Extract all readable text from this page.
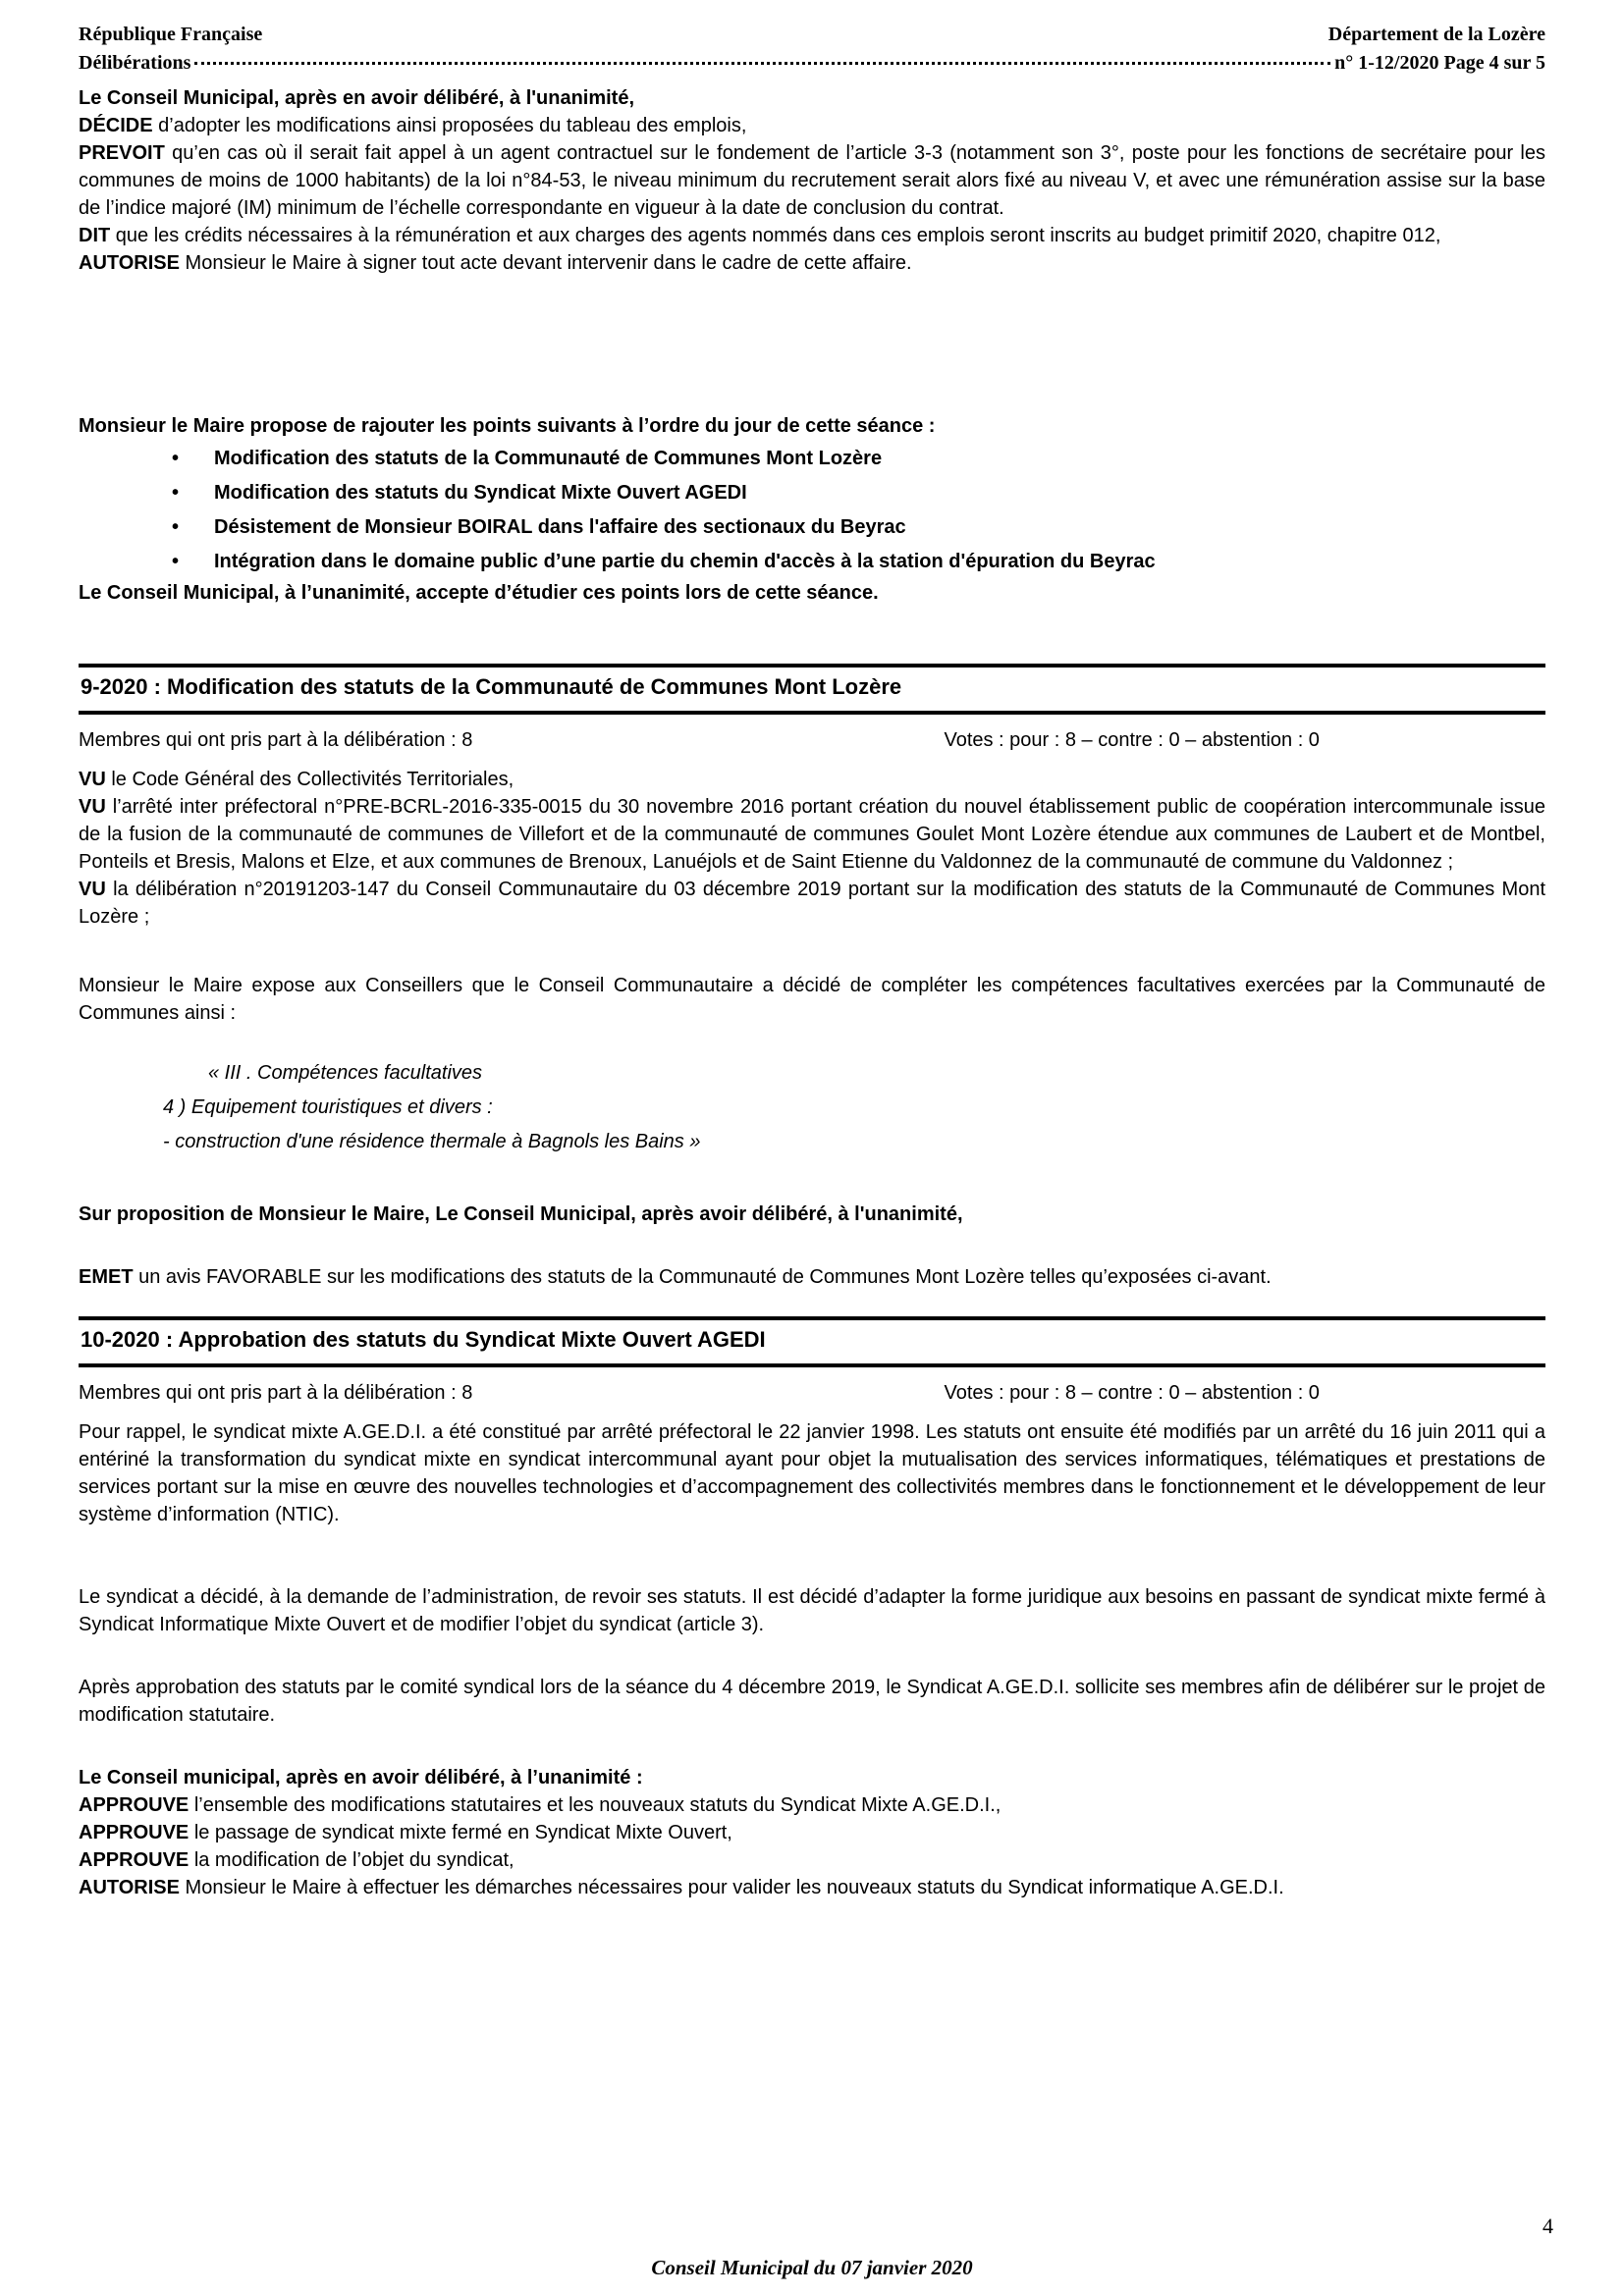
République Française	Département de la Lozère
Délibérations	n° 1-12/2020 Page 4 sur 5
Le Conseil Municipal, après en avoir délibéré, à l'unanimité,
DÉCIDE d’adopter les modifications ainsi proposées du tableau des emplois,
PREVOIT qu’en cas où il serait fait appel à un agent contractuel sur le fondement de l’article 3-3 (notamment son 3°, poste pour les fonctions de secrétaire pour les communes de moins de 1000 habitants) de la loi n°84-53, le niveau minimum du recrutement serait alors fixé au niveau V, et avec une rémunération assise sur la base de l’indice majoré (IM) minimum de l’échelle correspondante en vigueur à la date de conclusion du contrat.
DIT que les crédits nécessaires à la rémunération et aux charges des agents nommés dans ces emplois seront inscrits au budget primitif 2020, chapitre 012,
AUTORISE Monsieur le Maire à signer tout acte devant intervenir dans le cadre de cette affaire.
Monsieur le Maire propose de rajouter les points suivants à l’ordre du jour de cette séance :
• Modification des statuts de la Communauté de Communes Mont Lozère
• Modification des statuts du Syndicat Mixte Ouvert AGEDI
• Désistement de Monsieur BOIRAL dans l'affaire des sectionaux du Beyrac
• Intégration dans le domaine public d’une partie du chemin d'accès à la station d'épuration du Beyrac
Le Conseil Municipal, à l’unanimité, accepte d’étudier ces points lors de cette séance.
9-2020 : Modification des statuts de la Communauté de Communes Mont Lozère
Membres qui ont pris part à la délibération : 8	Votes : pour : 8 – contre : 0 – abstention : 0
VU le Code Général des Collectivités Territoriales,
VU l’arrêté inter préfectoral n°PRE-BCRL-2016-335-0015 du 30 novembre 2016 portant création du nouvel établissement public de coopération intercommunale issue de la fusion de la communauté de communes de Villefort et de la communauté de communes Goulet Mont Lozère étendue aux communes de Laubert et de Montbel, Ponteils et Bresis, Malons et Elze, et aux communes de Brenoux, Lanuéjols et de Saint Etienne du Valdonnez de la communauté de commune du Valdonnez ;
VU la délibération n°20191203-147 du Conseil Communautaire du 03 décembre 2019 portant sur la modification des statuts de la Communauté de Communes Mont Lozère ;
Monsieur le Maire expose aux Conseillers que le Conseil Communautaire a décidé de compléter les compétences facultatives exercées par la Communauté de Communes ainsi :
« III . Compétences facultatives
4 ) Equipement touristiques et divers :
- construction d'une résidence thermale à Bagnols les Bains »
Sur proposition de Monsieur le Maire, Le Conseil Municipal, après avoir délibéré, à l'unanimité,
EMET un avis FAVORABLE sur les modifications des statuts de la Communauté de Communes Mont Lozère telles qu’exposées ci-avant.
10-2020 : Approbation des statuts du Syndicat Mixte Ouvert AGEDI
Membres qui ont pris part à la délibération : 8	Votes : pour : 8 – contre : 0 – abstention : 0
Pour rappel, le syndicat mixte A.GE.D.I. a été constitué par arrêté préfectoral le 22 janvier 1998. Les statuts ont ensuite été modifiés par un arrêté du 16 juin 2011 qui a entériné la transformation du syndicat mixte en syndicat intercommunal ayant pour objet la mutualisation des services informatiques, télématiques et prestations de services portant sur la mise en œuvre des nouvelles technologies et d’accompagnement des collectivités membres dans le fonctionnement et le développement de leur système d’information (NTIC).
Le syndicat a décidé, à la demande de l’administration, de revoir ses statuts. Il est décidé d’adapter la forme juridique aux besoins en passant de syndicat mixte fermé à Syndicat Informatique Mixte Ouvert et de modifier l’objet du syndicat (article 3).
Après approbation des statuts par le comité syndical lors de la séance du 4 décembre 2019, le Syndicat A.GE.D.I. sollicite ses membres afin de délibérer sur le projet de modification statutaire.
Le Conseil municipal, après en avoir délibéré, à l’unanimité :
APPROUVE l’ensemble des modifications statutaires et les nouveaux statuts du Syndicat Mixte A.GE.D.I.,
APPROUVE le passage de syndicat mixte fermé en Syndicat Mixte Ouvert,
APPROUVE la modification de l’objet du syndicat,
AUTORISE Monsieur le Maire à effectuer les démarches nécessaires pour valider les nouveaux statuts du Syndicat informatique A.GE.D.I.
4
Conseil Municipal du 07 janvier 2020
